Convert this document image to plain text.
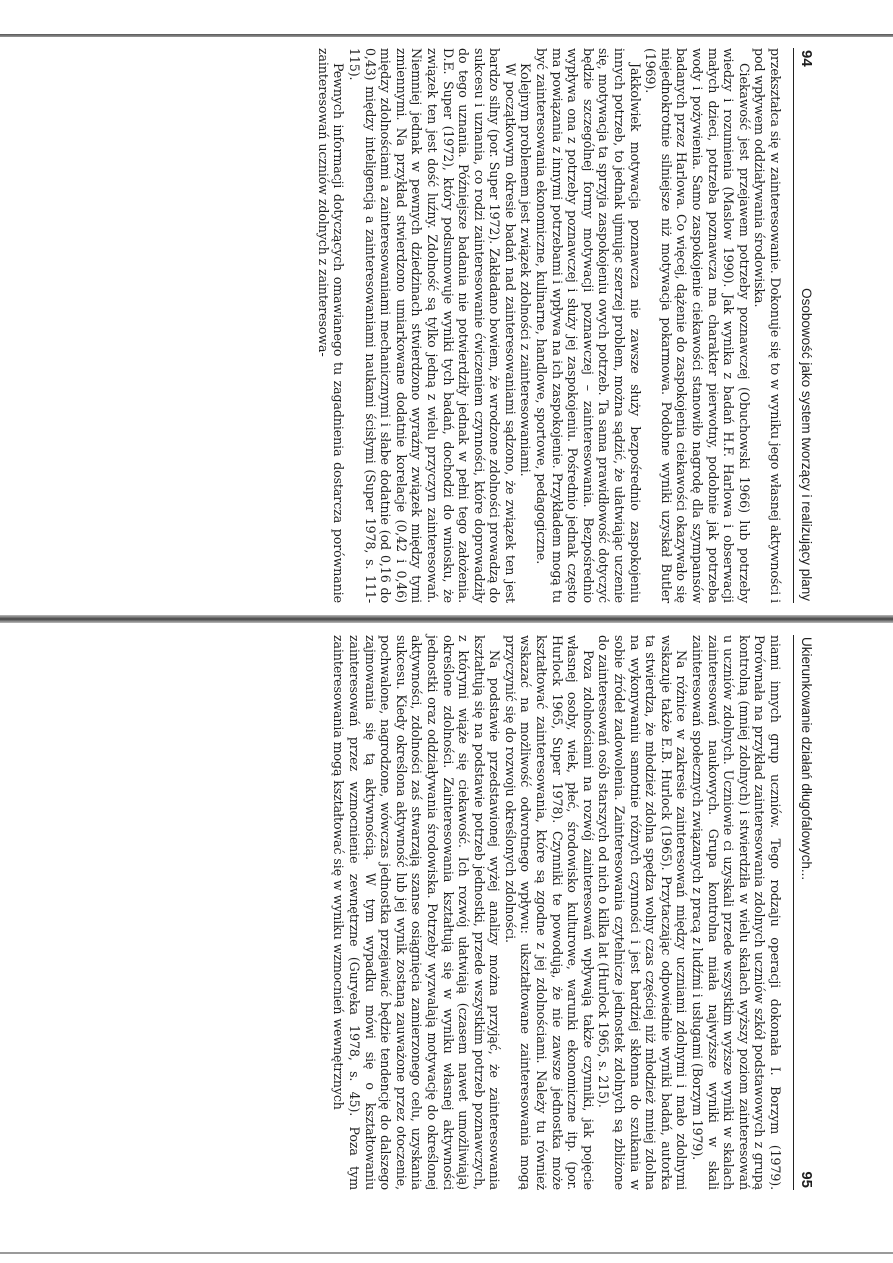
94
Osobowość jako system tworzący i realizujący plany

przekształca się w zainteresowanie. Dokonuje się to w wyniku jego własnej aktywności i pod wpływem oddziaływania środowiska.

Ciekawość jest przejawem potrzeby poznawczej (Obuchowski 1966) lub potrzeby wiedzy i rozumienia (Maslow 1990). Jak wynika z badań H.F. Harlowa i obserwacji małych dzieci, potrzeba poznawcza ma charakter pierwotny, podobnie jak potrzeba wody i pożywienia. Samo zaspokojenie ciekawości stanowiło nagrodę dla szympansów badanych przez Harlowa. Co więcej, dążenie do zaspokojenia ciekawości okazywało się niejednokrotnie silniejsze niż motywacja pokarmowa. Podobne wyniki uzyskał Butler (1969).

Jakkolwiek motywacja poznawcza nie zawsze służy bezpośrednio zaspokojeniu innych potrzeb, to jednak ujmując szerzej problem, można sądzić, że ułatwiając uczenie się, motywacja ta sprzyja zaspokojeniu owych potrzeb. Ta sama prawidłowość dotyczyć będzie szczególnej formy motywacji poznawczej – zainteresowania. Bezpośrednio wypływa ona z potrzeby poznawczej i służy jej zaspokojeniu. Pośrednio jednak często ma powiązania z innymi potrzebami i wpływa na ich zaspokojenie. Przykładem mogą tu być zainteresowania ekonomiczne, kulinarne, handlowe, sportowe, pedagogiczne.

Kolejnym problemem jest związek zdolności z zainteresowaniami.

W początkowym okresie badań nad zainteresowaniami sądzono, że związek ten jest bardzo silny (por. Super 1972). Zakładano bowiem, że wrodzone zdolności prowadzą do sukcesu i uznania, co rodzi zainteresowanie ćwiczeniem czynności, które doprowadziły do tego uznania. Późniejsze badania nie potwierdziły jednak w pełni tego założenia. D.E. Super (1972), który podsumowuje wyniki tych badań, dochodzi do wniosku, że związek ten jest dość luźny. Zdolność są tylko jedną z wielu przyczyn zainteresowań. Niemniej jednak w pewnych dziedzinach stwierdzono wyraźny związek między tymi zmiennymi. Na przykład stwierdzono umiarkowane dodatnie korelacje (0,42 i 0,46) między zdolnościami a zainteresowaniami mechanicznymi i słabe dodatnie (od 0,16 do 0,43) między inteligencją a zainteresowaniami naukami ścisłymi (Super 1978, s. 111-115).

Pewnych informacji dotyczących omawianego tu zagadnienia dostarcza porównanie zainteresowań uczniów zdolnych z zainteresowa-

95
Ukierunkowanie działań długofalowych...

niami innych grup uczniów. Tego rodzaju operacji dokonała I. Borzym (1979). Porównała na przykład zainteresowania zdolnych uczniów szkół podstawowych z grupą kontrolną (mniej zdolnych) i stwierdziła w wielu skalach wyższy poziom zainteresowań u uczniów zdolnych. Uczniowie ci uzyskali przede wszystkim wyższe wyniki w skalach zainteresowań naukowych. Grupa kontrolna miała najwyższe wyniki w skali zainteresowań społecznych związanych z pracą z ludźmi i usługami (Borzym 1979).

Na różnice w zakresie zainteresowań między uczniami zdolnymi i mało zdolnymi wskazuje także E.B. Hurlock (1965). Przytaczając odpowiednie wyniki badań, autorka ta stwierdza, że młodzież zdolna spędza wolny czas częściej niż młodzież mniej zdolna na wykonywaniu samotnie różnych czynności i jest bardziej skłonna do szukania w sobie źródeł zadowolenia. Zainteresowania czytelnicze jednostek zdolnych są zbliżone do zainteresowań osób starszych od nich o kilka lat (Hurlock 1965, s. 215).

Poza zdolnościami na rozwój zainteresowań wpływają także czynniki, jak pojęcie własnej osoby, wiek, płeć, środowisko kulturowe, warunki ekonomiczne itp. (por. Hurlock 1965, Super 1978). Czynniki te powodują, że nie zawsze jednostka może kształtować zainteresowania, które są zgodne z jej zdolnościami. Należy tu również wskazać na możliwość odwrotnego wpływu: ukształtowane zainteresowania mogą przyczynić się do rozwoju określonych zdolności.

Na podstawie przedstawionej wyżej analizy można przyjąć, że zainteresowania kształtują się na podstawie potrzeb jednostki, przede wszystkim potrzeb poznawczych, z którymi wiąże się ciekawość. Ich rozwój ułatwiają (czasem nawet umożliwiają) określone zdolności. Zainteresowania kształtują się w wyniku własnej aktywności jednostki oraz oddziaływania środowiska. Potrzeby wyzwalają motywację do określonej aktywności, zdolności zaś stwarzają szanse osiągnięcia zamierzonego celu, uzyskania sukcesu. Kiedy określona aktywność lub jej wynik zostaną zauważone przez otoczenie, pochwalone, nagrodzone, wówczas jednostka przejawiać będzie tendencję do dalszego zajmowania się tą aktywnością. W tym wypadku mówi się o kształtowaniu zainteresowań przez wzmocnienie zewnętrzne (Guryeka 1978, s. 45). Poza tym zainteresowania mogą kształtować się w wyniku wzmocnień wewnętrznych
